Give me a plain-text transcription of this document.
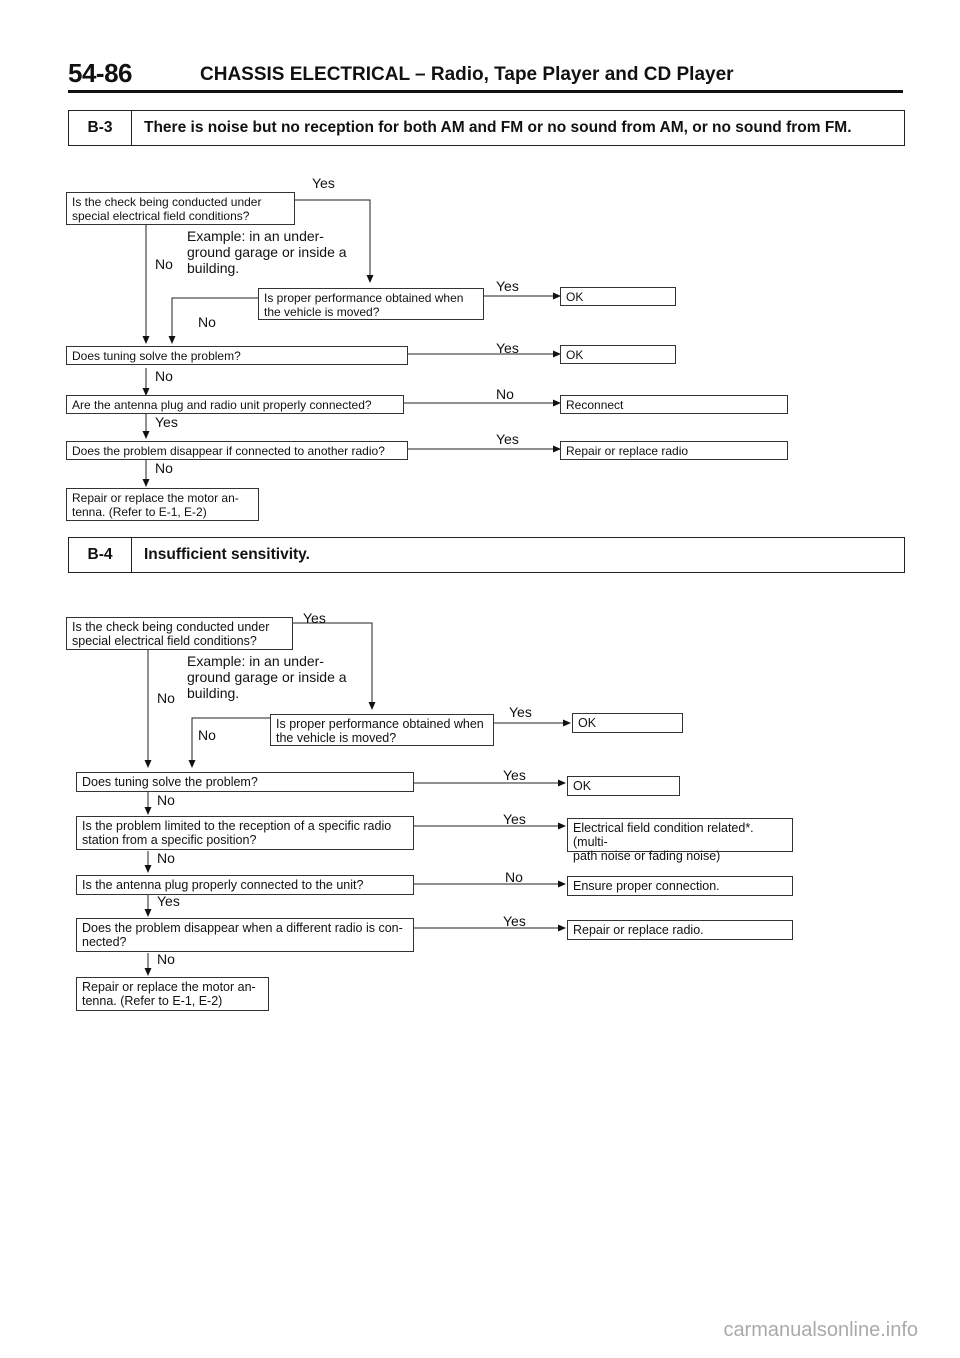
54-86	CHASSIS ELECTRICAL – Radio, Tape Player and CD Player
B-3	There is noise but no reception for both AM and FM or no sound from AM, or no sound from FM.
Is the check being conducted under
special electrical field conditions?
Yes
Example: in an under-
ground garage or inside a
building.
No
Is proper performance obtained when
the vehicle is moved?
Yes
No
OK
Does tuning solve the problem?	Yes	OK
No
Are the antenna plug and radio unit properly connected?
No
Reconnect
Yes
Does the problem disappear if connected to another radio?
Yes
Repair or replace radio
No
Repair or replace the motor an-
tenna. (Refer to E-1, E-2)
B-4	Insufficient sensitivity.
Is the check being conducted under
special electrical field conditions?
Yes
Example: in an under-
ground garage or inside a
building.
No
Is proper performance obtained when
the vehicle is moved?
Yes
No
OK
Does tuning solve the problem?	Yes
OK
No
Is the problem limited to the reception of a specific radio
station from a specific position?
Yes
Electrical field condition related*. (multi-
path noise or fading noise)
No
Is the antenna plug properly connected to the unit?	No
Ensure proper connection.
Yes
Does the problem disappear when a different radio is con-
nected?
Yes
Repair or replace radio.
No
Repair or replace the motor an-
tenna. (Refer to E-1, E-2)
carmanualsonline.info
